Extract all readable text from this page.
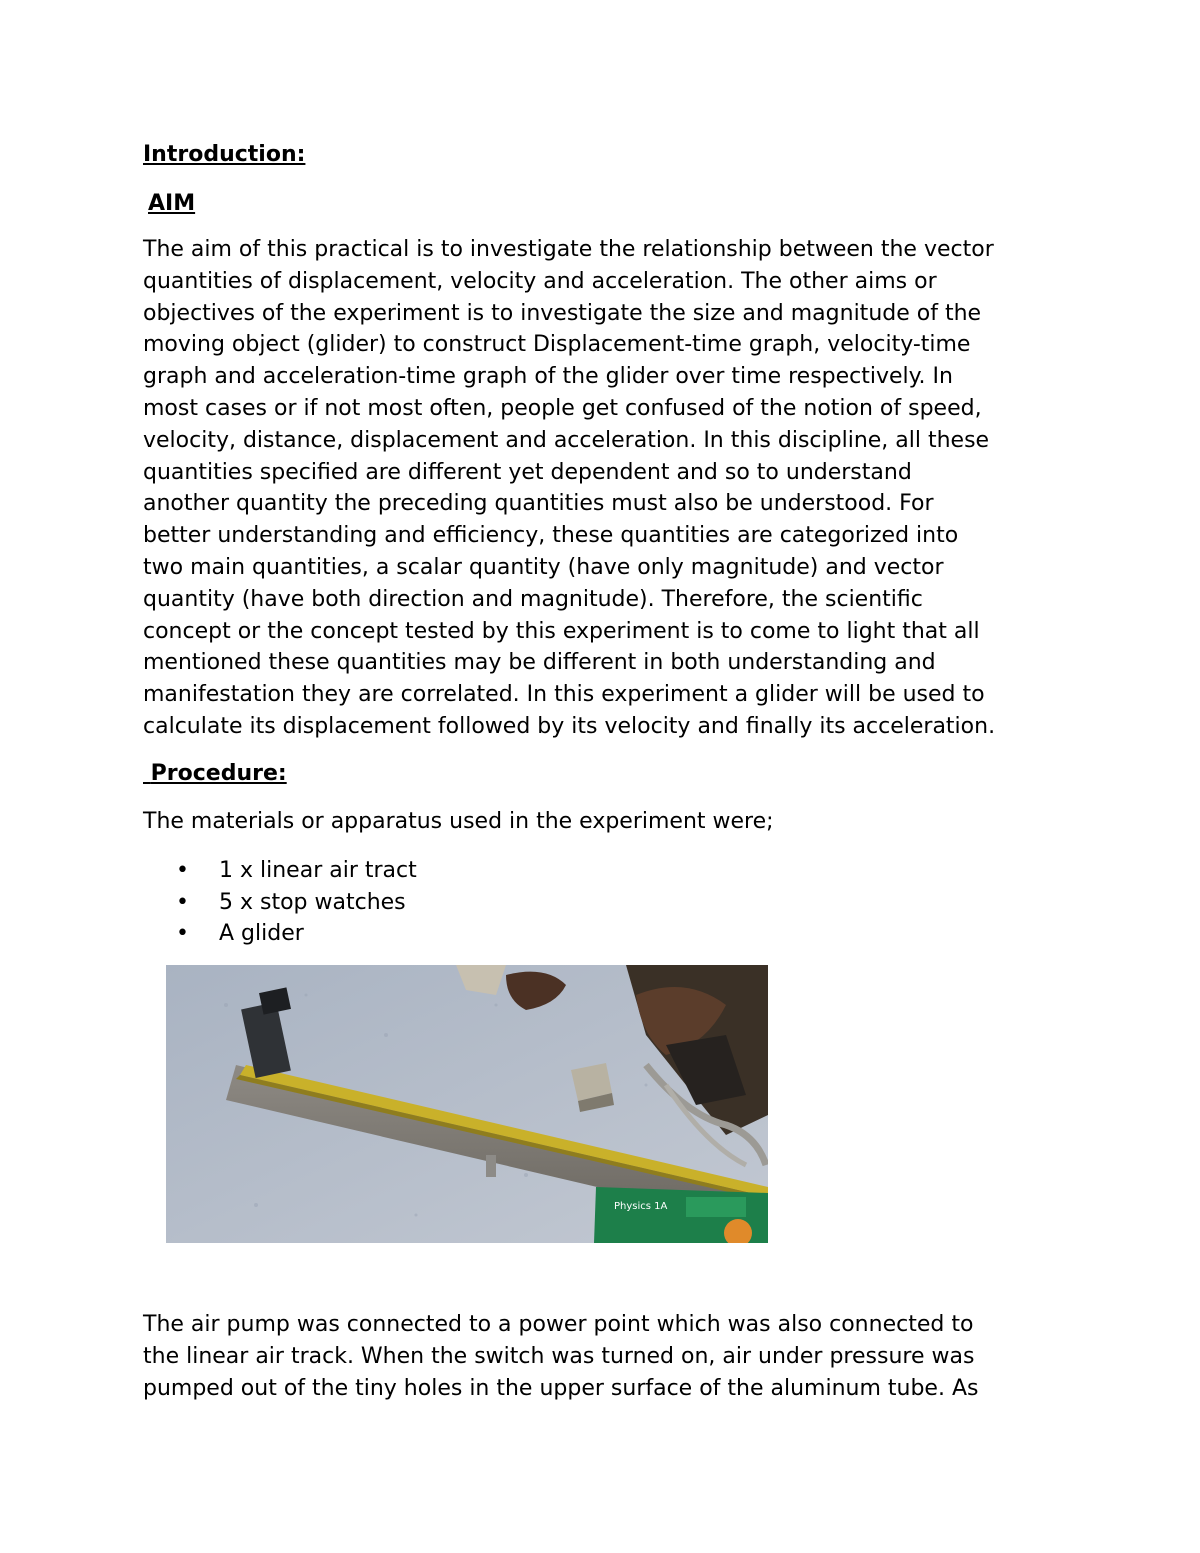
Introduction:
AIM

The aim of this practical is to investigate the relationship between the vector
quantities of displacement, velocity and acceleration. The other aims or
objectives of the experiment is to investigate the size and magnitude of the
moving object (glider) to construct Displacement-time graph, velocity-time
graph and acceleration-time graph of the glider over time respectively. In
most cases or if not most often, people get confused of the notion of speed,
velocity, distance, displacement and acceleration. In this discipline, all these
quantities specified are different yet dependent and so to understand
another quantity the preceding quantities must also be understood. For
better understanding and efficiency, these quantities are categorized into
two main quantities, a scalar quantity (have only magnitude) and vector
quantity (have both direction and magnitude). Therefore, the scientific
concept or the concept tested by this experiment is to come to light that all
mentioned these quantities may be different in both understanding and
manifestation they are correlated. In this experiment a glider will be used to
calculate its displacement followed by its velocity and finally its acceleration.

Procedure:

The materials or apparatus used in the experiment were;

• 1 x linear air tract
• 5 x stop watches
• A glider
Physics 1A

The air pump was connected to a power point which was also connected to
the linear air track. When the switch was turned on, air under pressure was
pumped out of the tiny holes in the upper surface of the aluminum tube. As
